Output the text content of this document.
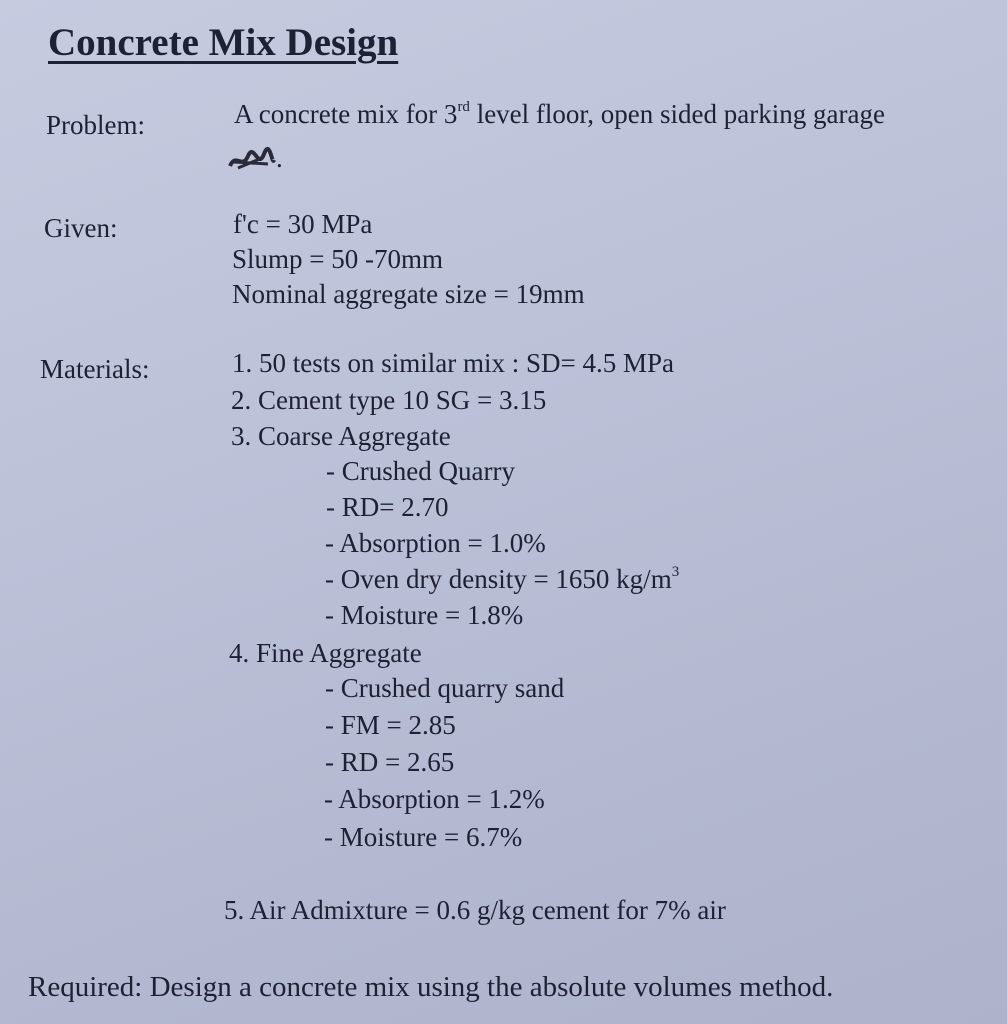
Concrete Mix Design
Problem:	A concrete mix for 3rd level floor, open sided parking garage
.
Given:	f'c = 30 MPa
Slump = 50 -70mm
Nominal aggregate size = 19mm
Materials:	1. 50 tests on similar mix : SD= 4.5 MPa
2. Cement type 10 SG = 3.15
3. Coarse Aggregate
- Crushed Quarry
- RD= 2.70
- Absorption = 1.0%
- Oven dry density = 1650 $kg/m^3$
- Moisture = 1.8%
4. Fine Aggregate
- Crushed quarry sand
- FM = 2.85
- RD = 2.65
- Absorption = 1.2%
- Moisture = 6.7%
5. Air Admixture = 0.6 g/kg cement for 7% air
Required: Design a concrete mix using the absolute volumes method.
